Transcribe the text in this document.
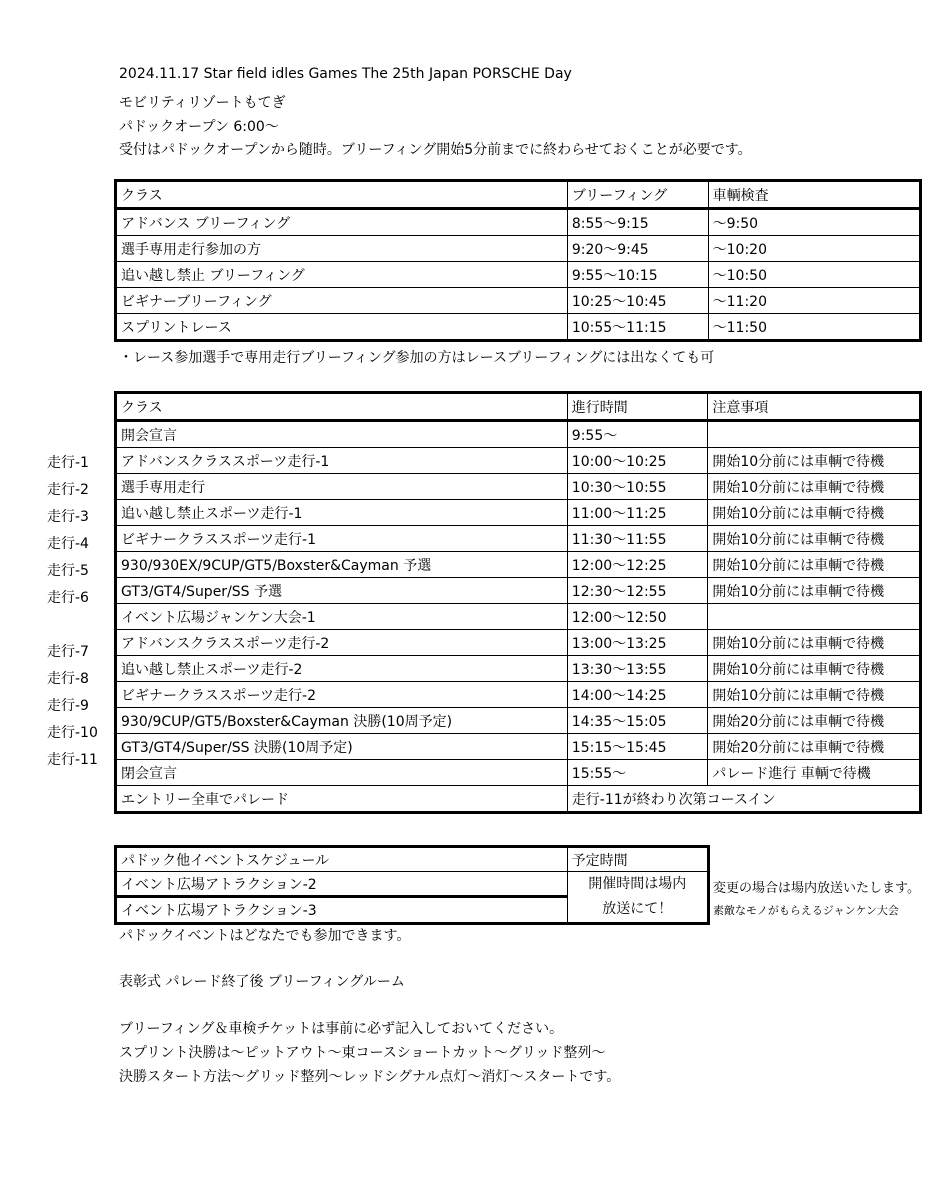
2024.11.17 Star field idles Games The 25th Japan PORSCHE Day
モビリティリゾートもてぎ
パドックオープン 6:00～
受付はパドックオープンから随時。ブリーフィング開始5分前までに終わらせておくことが必要です。
クラス	ブリーフィング	車輌検査
アドバンス ブリーフィング	8:55～9:15	～9:50
選手専用走行参加の方	9:20～9:45	～10:20
追い越し禁止 ブリーフィング	9:55～10:15	～10:50
ビギナーブリーフィング	10:25～10:45	～11:20
スプリントレース	10:55～11:15	～11:50
・レース参加選手で専用走行ブリーフィング参加の方はレースブリーフィングには出なくても可
クラス	進行時間	注意事項
開会宣言	9:55～	
アドバンスクラススポーツ走行-1	10:00～10:25	開始10分前には車輌で待機
選手専用走行	10:30～10:55	開始10分前には車輌で待機
追い越し禁止スポーツ走行-1	11:00～11:25	開始10分前には車輌で待機
ビギナークラススポーツ走行-1	11:30～11:55	開始10分前には車輌で待機
930/930EX/9CUP/GT5/Boxster&Cayman 予選	12:00～12:25	開始10分前には車輌で待機
GT3/GT4/Super/SS 予選	12:30～12:55	開始10分前には車輌で待機
イベント広場ジャンケン大会-1	12:00～12:50	
アドバンスクラススポーツ走行-2	13:00～13:25	開始10分前には車輌で待機
追い越し禁止スポーツ走行-2	13:30～13:55	開始10分前には車輌で待機
ビギナークラススポーツ走行-2	14:00～14:25	開始10分前には車輌で待機
930/9CUP/GT5/Boxster&Cayman 決勝(10周予定)	14:35～15:05	開始20分前には車輌で待機
GT3/GT4/Super/SS 決勝(10周予定)	15:15～15:45	開始20分前には車輌で待機
閉会宣言	15:55～	パレード進行 車輌で待機
エントリー全車でパレード	走行-11が終わり次第コースイン	
走行-1
走行-2
走行-3
走行-4
走行-5
走行-6
走行-7
走行-8
走行-9
走行-10
走行-11
パドック他イベントスケジュール	予定時間
イベント広場アトラクション-2	開催時間は場内
放送にて！

イベント広場アトラクション-3	
変更の場合は場内放送いたします。
素敵なモノがもらえるジャンケン大会
パドックイベントはどなたでも参加できます。
表彰式 パレード終了後 ブリーフィングルーム
ブリーフィング＆車検チケットは事前に必ず記入しておいてください。
スプリント決勝は～ピットアウト～東コースショートカット～グリッド整列～
決勝スタート方法～グリッド整列～レッドシグナル点灯～消灯～スタートです。
